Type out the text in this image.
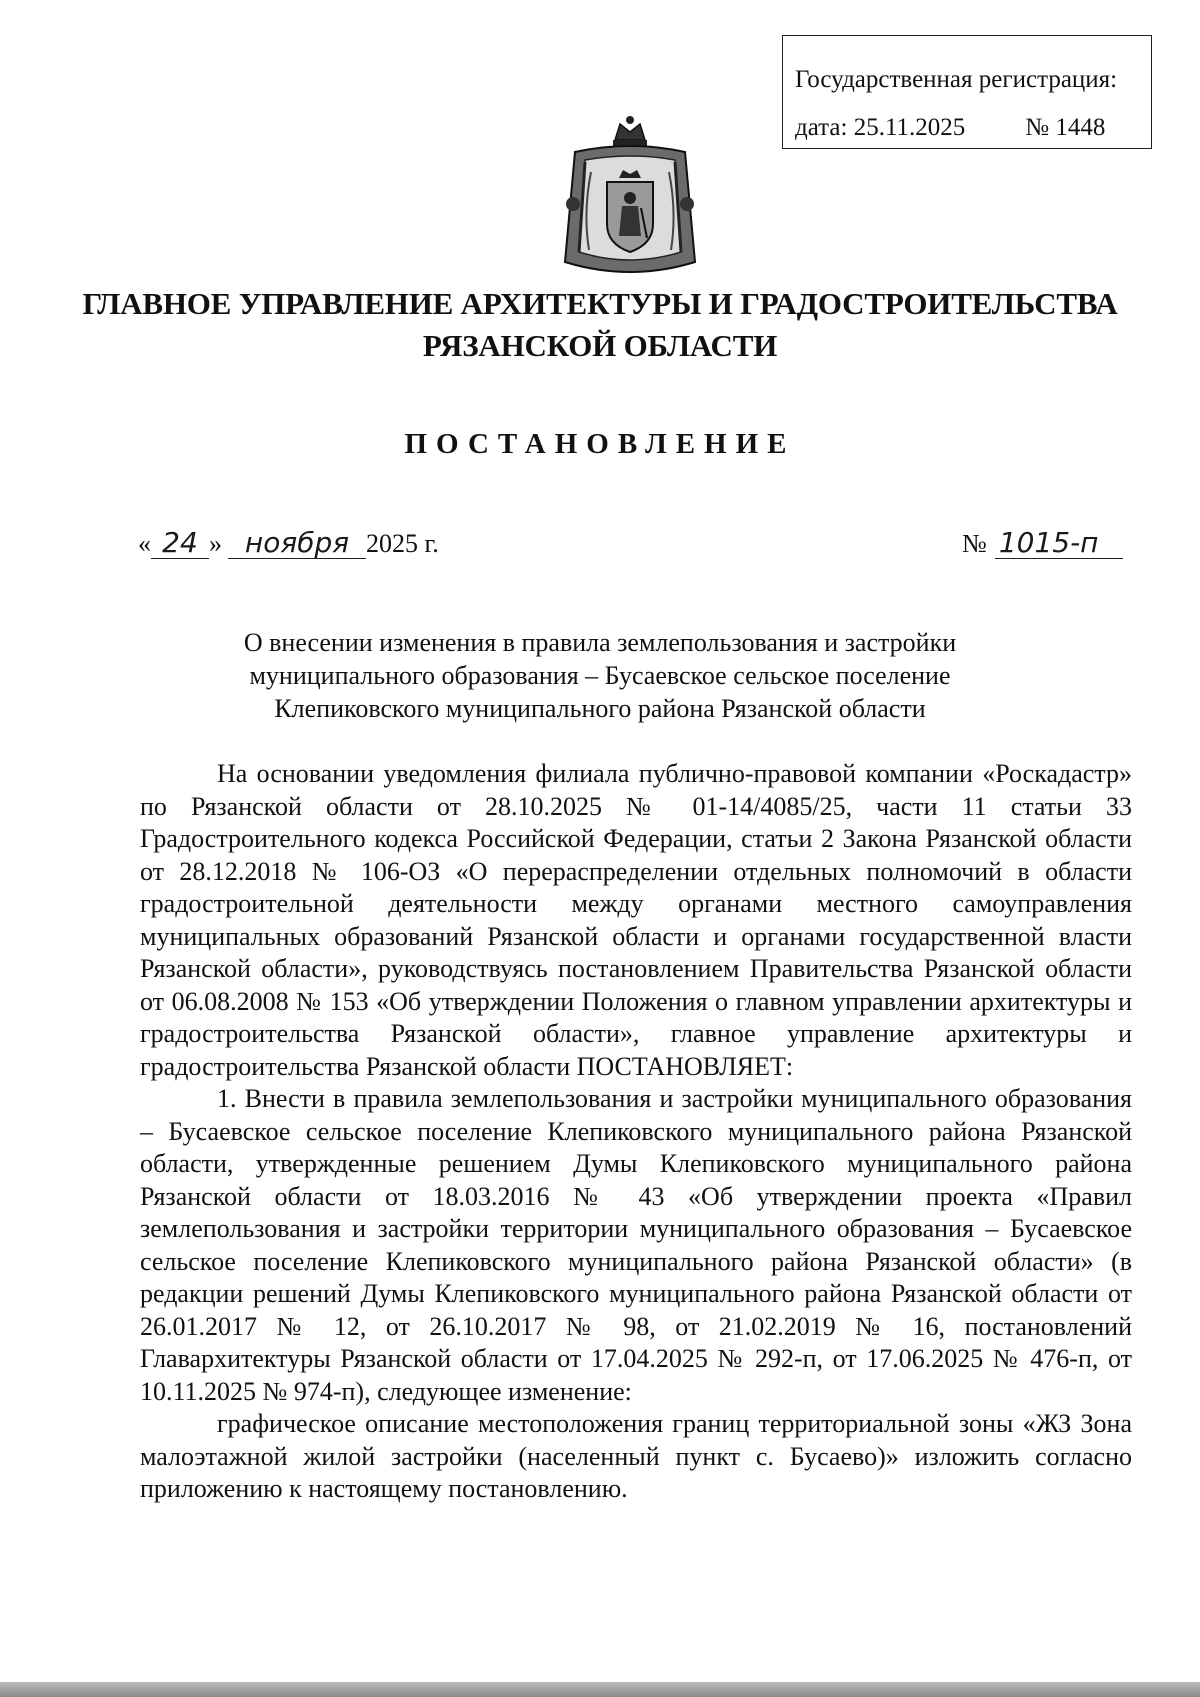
Государственная регистрация:
дата: 25.11.2025 № 1448
ГЛАВНОЕ УПРАВЛЕНИЕ АРХИТЕКТУРЫ И ГРАДОСТРОИТЕЛЬСТВА
РЯЗАНСКОЙ ОБЛАСТИ
ПОСТАНОВЛЕНИЕ
« 24 » ноября 2025 г.	№ 1015-п
О внесении изменения в правила землепользования и застройки
муниципального образования – Бусаевское сельское поселение
Клепиковского муниципального района Рязанской области

На основании уведомления филиала публично-правовой компании «Роскадастр» по Рязанской области от 28.10.2025 № 01-14/4085/25, части 11 статьи 33 Градостроительного кодекса Российской Федерации, статьи 2 Закона Рязанской области от 28.12.2018 № 106-ОЗ «О перераспределении отдельных полномочий в области градостроительной деятельности между органами местного самоуправления муниципальных образований Рязанской области и органами государственной власти Рязанской области», руководствуясь постановлением Правительства Рязанской области от 06.08.2008 № 153 «Об утверждении Положения о главном управлении архитектуры и градостроительства Рязанской области», главное управление архитектуры и градостроительства Рязанской области ПОСТАНОВЛЯЕТ:

1. Внести в правила землепользования и застройки муниципального образования – Бусаевское сельское поселение Клепиковского муниципального района Рязанской области, утвержденные решением Думы Клепиковского муниципального района Рязанской области от 18.03.2016 № 43 «Об утверждении проекта «Правил землепользования и застройки территории муниципального образования – Бусаевское сельское поселение Клепиковского муниципального района Рязанской области» (в редакции решений Думы Клепиковского муниципального района Рязанской области от 26.01.2017 № 12, от 26.10.2017 № 98, от 21.02.2019 № 16, постановлений Главархитектуры Рязанской области от 17.04.2025 № 292-п, от 17.06.2025 № 476-п, от 10.11.2025 № 974-п), следующее изменение:

графическое описание местоположения границ территориальной зоны «ЖЗ Зона малоэтажной жилой застройки (населенный пункт с. Бусаево)» изложить согласно приложению к настоящему постановлению.
